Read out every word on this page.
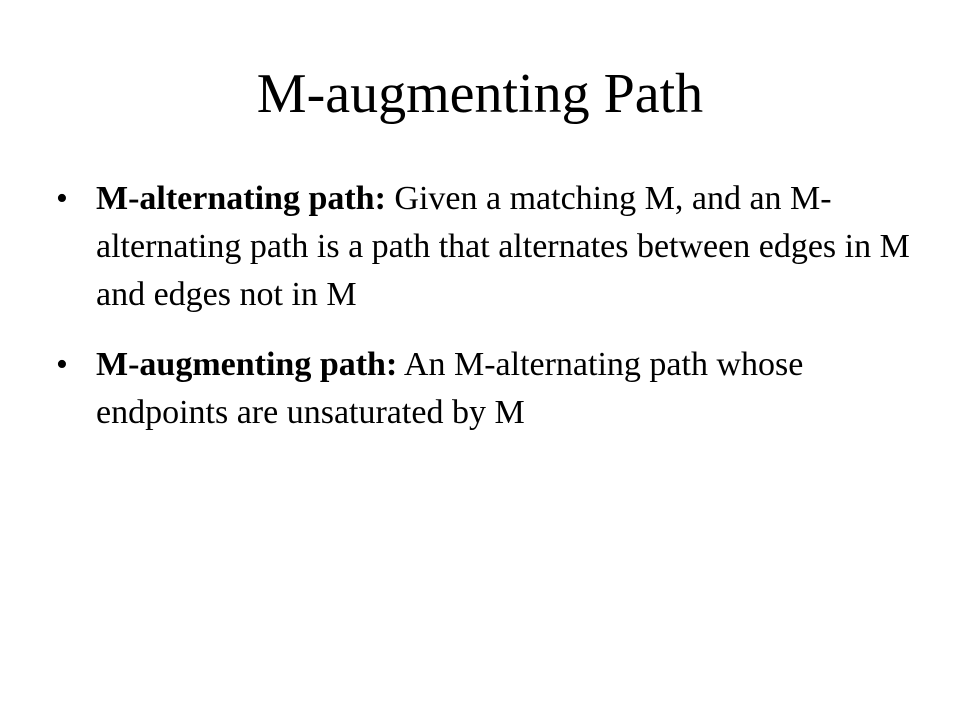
M-augmenting Path
• M-alternating path: Given a matching M, and an M-alternating path is a path that alternates between edges in M and edges not in M
• M-augmenting path: An M-alternating path whose endpoints are unsaturated by M
